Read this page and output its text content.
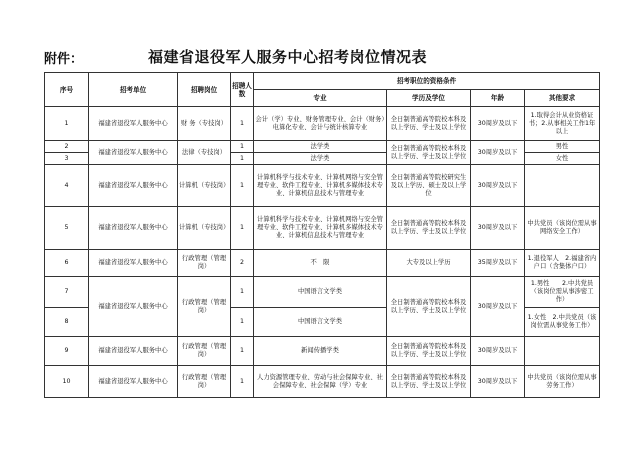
附件：	福建省退役军人服务中心招考岗位情况表
序号	招考单位	招聘岗位	招聘人数	招考职位的资格条件			
				专业	学历及学位	年龄	其他要求
1	福建省退役军人服务中心	财 务（专技岗）	1	会计（学）专业、财务管理专业、会计（财务）电算化专业、会计与统计核算专业	全日制普通高等院校本科及以上学历、学士及以上学位	30周岁及以下	1.取得会计从业资格证书；2.从事相关工作1年以上
2	福建省退役军人服务中心	法律（专技岗）	1	法学类	全日制普通高等院校本科及以上学历、学士及以上学位	30周岁及以下	男性
3			1	法学类			女性
4	福建省退役军人服务中心	计算机（专技岗）	1	计算机科学与技术专业、计算机网络与安全管理专业、软件工程专业、计算机多媒体技术专业、计算机信息技术与管理专业	全日制普通高等院校研究生及以上学历、硕士及以上学位	30周岁及以下	
5	福建省退役军人服务中心	计算机（专技岗）	1	计算机科学与技术专业、计算机网络与安全管理专业、软件工程专业、计算机多媒体技术专业、计算机信息技术与管理专业	全日制普通高等院校本科及以上学历、学士及以上学位	30周岁及以下	中共党员（该岗位需从事网络安全工作）
6	福建省退役军人服务中心	行政管理（管理岗）	2	不　限	大专及以上学历	35周岁及以下	1.退役军人　2.福建省内户口（含集体户口）
7	福建省退役军人服务中心	行政管理（管理岗）	1	中国语言文学类	全日制普通高等院校本科及以上学历、学士及以上学位	30周岁及以下	1.男性　　2.中共党员（该岗位需从事涉密工作）
8			1	中国语言文学类			1.女性　2.中共党员（该岗位需从事党务工作）
9	福建省退役军人服务中心	行政管理（管理岗）	1	新闻传播学类	全日制普通高等院校本科及以上学历、学士及以上学位	30周岁及以下	
10	福建省退役军人服务中心	行政管理（管理岗）	1	人力资源管理专业、劳动与社会保障专业、社会保障专业、社会保障（学）专业	全日制普通高等院校本科及以上学历、学士及以上学位	30周岁及以下	中共党员（该岗位需从事劳务工作）
